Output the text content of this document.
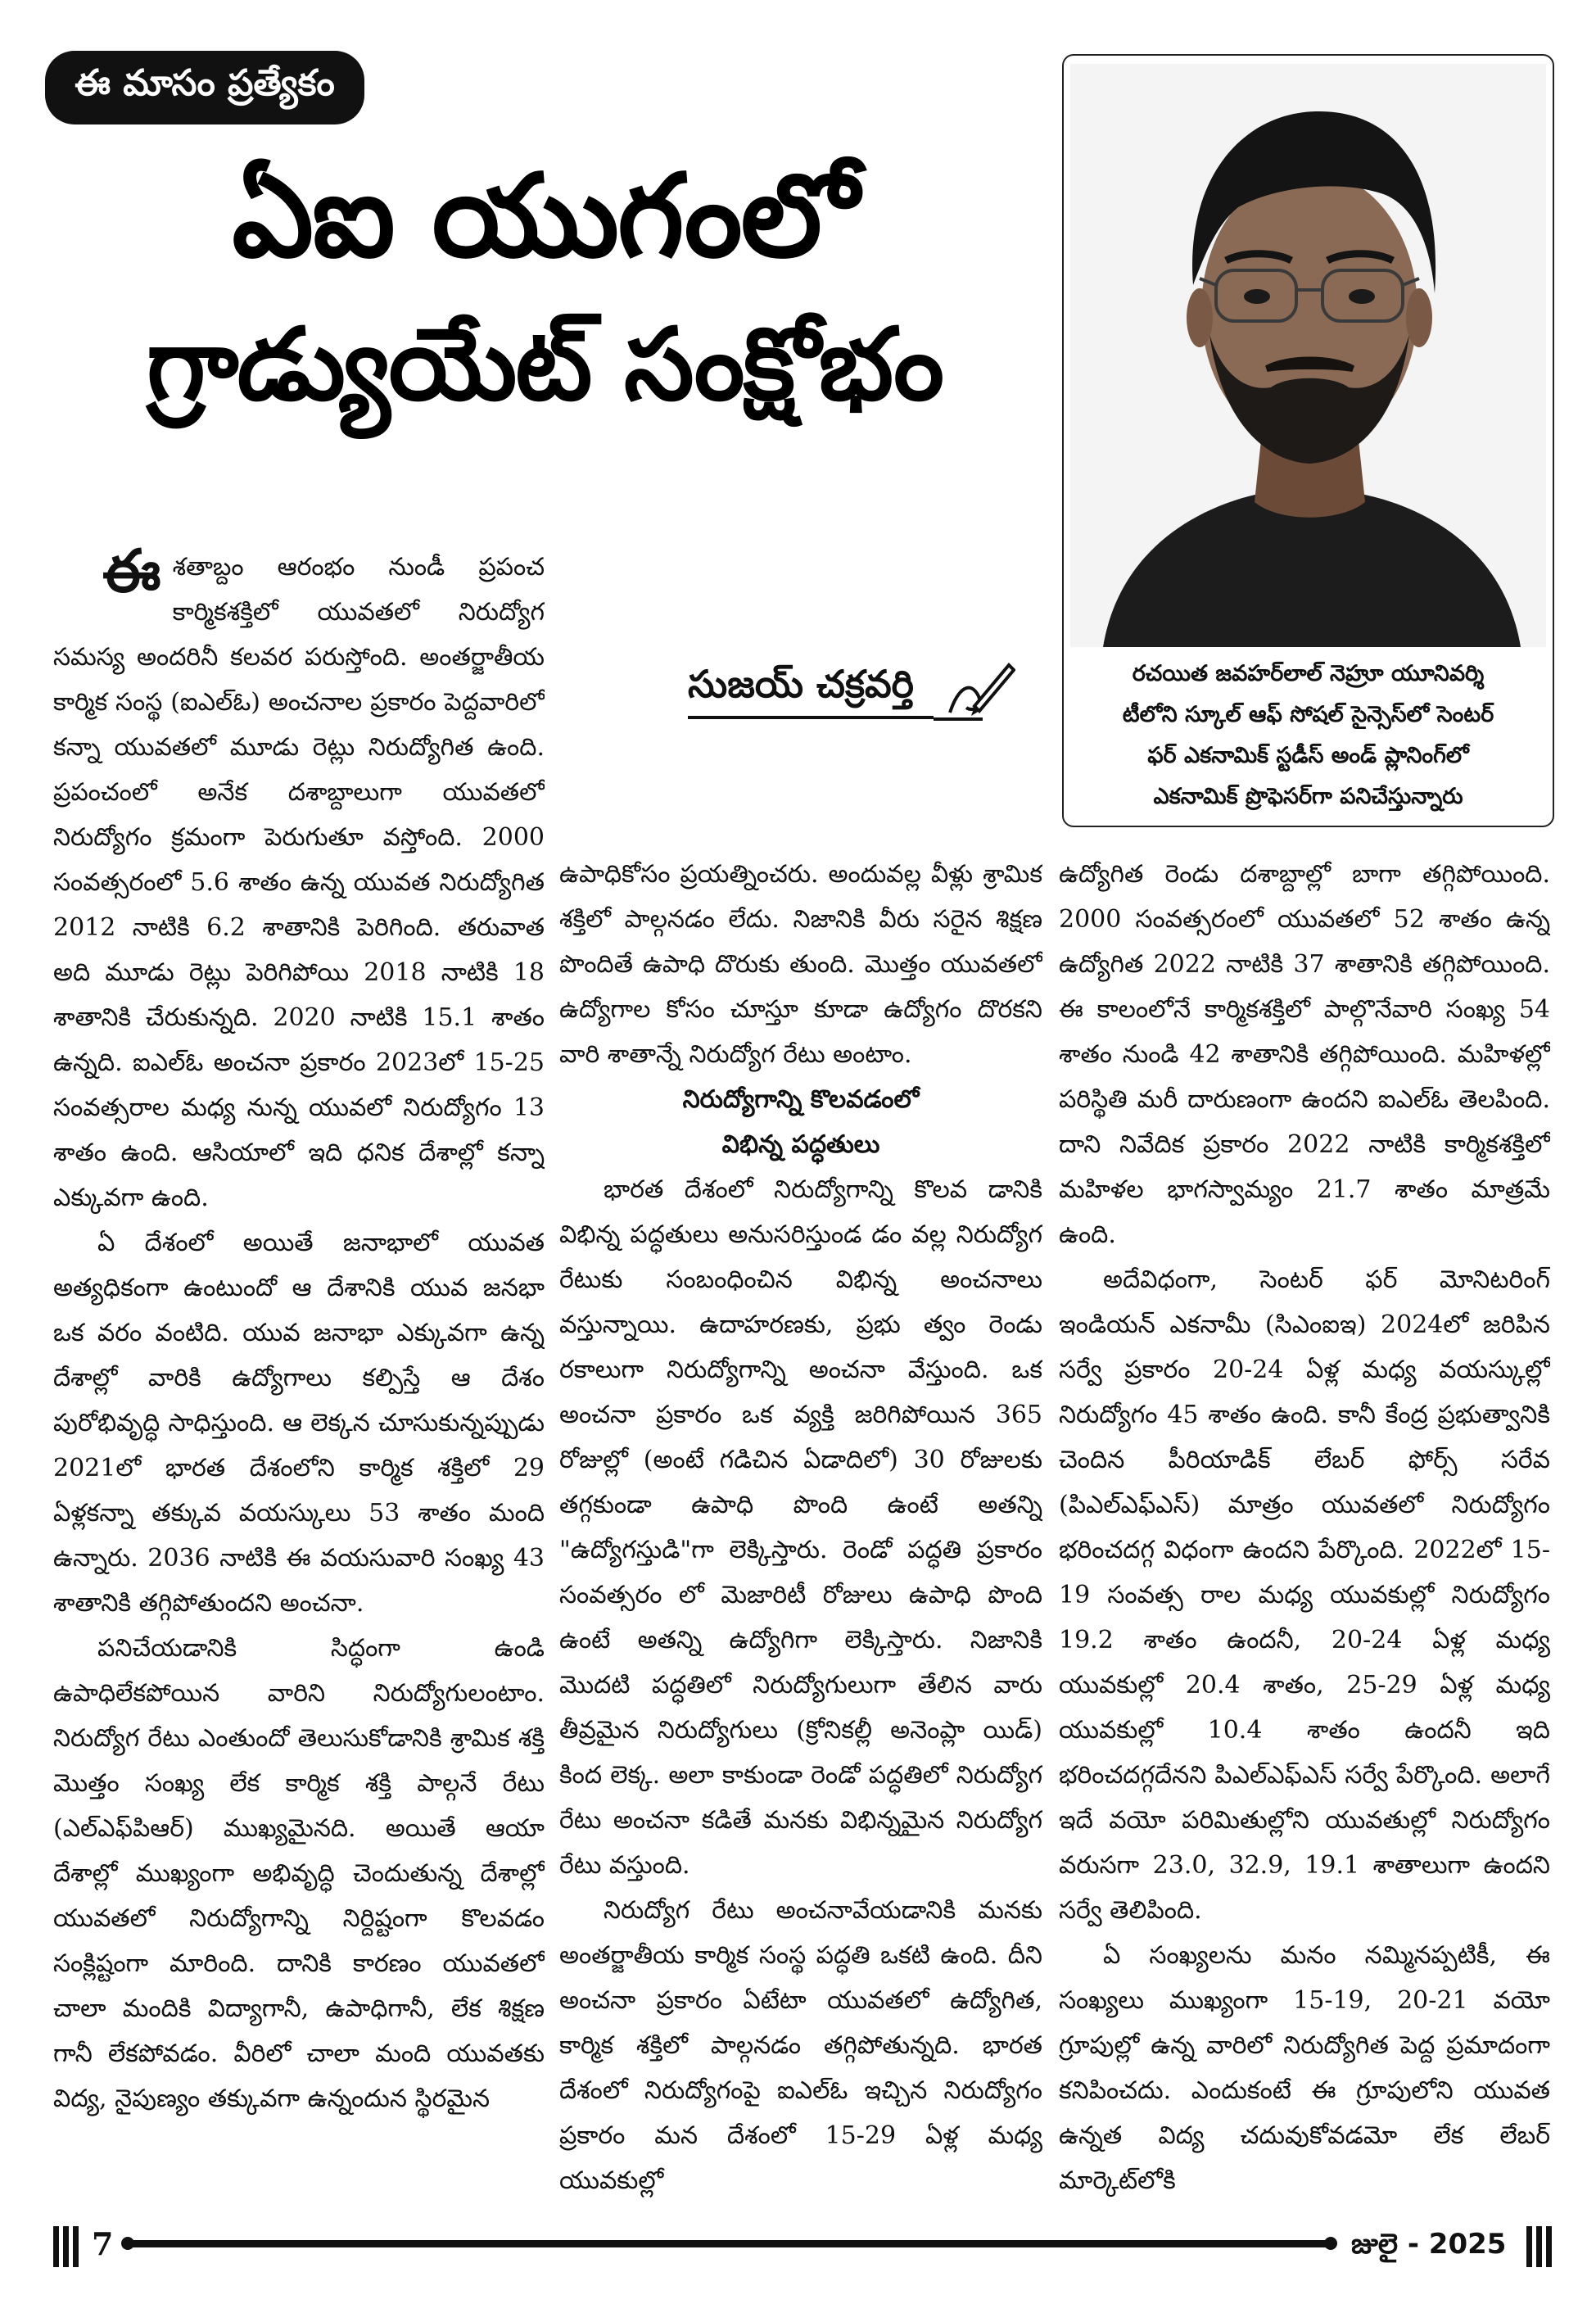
ఈ మాసం ప్రత్యేకం
ఏఐ యుగంలో
గ్రాడ్యుయేట్ సంక్షోభం
రచయిత జవహర్‌లాల్ నెహ్రూ యూనివర్శి
టీలోని స్కూల్ ఆఫ్ సోషల్ సైన్సెస్‌లో సెంటర్
ఫర్ ఎకనామిక్ స్టడీస్ అండ్ ప్లానింగ్‌లో
ఎకనామిక్ ప్రొఫెసర్‌గా పనిచేస్తున్నారు
సుజయ్ చక్రవర్తి

ఈశతాబ్దం ఆరంభం నుండీ ప్రపంచ కార్మికశక్తిలో యువతలో నిరుద్యోగ సమస్య అందరినీ కలవర పరుస్తోంది. అంతర్జాతీయ కార్మిక సంస్థ (ఐఎల్ఓ) అంచనాల ప్రకారం పెద్దవారిలో కన్నా యువతలో మూడు రెట్లు నిరుద్యోగిత ఉంది. ప్రపంచంలో అనేక దశాబ్దాలుగా యువతలో నిరుద్యోగం క్రమంగా పెరుగుతూ వస్తోంది. 2000 సంవత్సరంలో 5.6 శాతం ఉన్న యువత నిరుద్యోగిత 2012 నాటికి 6.2 శాతానికి పెరిగింది. తరువాత అది మూడు రెట్లు పెరిగిపోయి 2018 నాటికి 18 శాతానికి చేరుకున్నది. 2020 నాటికి 15.1 శాతం ఉన్నది. ఐఎల్ఓ అంచనా ప్రకారం 2023లో 15-25 సంవత్సరాల మధ్య నున్న యువలో నిరుద్యోగం 13 శాతం ఉంది. ఆసియాలో ఇది ధనిక దేశాల్లో కన్నా ఎక్కువగా ఉంది.

ఏ దేశంలో అయితే జనాభాలో యువత అత్యధికంగా ఉంటుందో ఆ దేశానికి యువ జనభా ఒక వరం వంటిది. యువ జనాభా ఎక్కువగా ఉన్న దేశాల్లో వారికి ఉద్యోగాలు కల్పిస్తే ఆ దేశం పురోభివృద్ధి సాధిస్తుంది. ఆ లెక్కన చూసుకున్నప్పుడు 2021లో భారత దేశంలోని కార్మిక శక్తిలో 29 ఏళ్లకన్నా తక్కువ వయస్కులు 53 శాతం మంది ఉన్నారు. 2036 నాటికి ఈ వయసువారి సంఖ్య 43 శాతానికి తగ్గిపోతుందని అంచనా.

పనిచేయడానికి సిద్ధంగా ఉండి ఉపాధిలేకపోయిన వారిని నిరుద్యోగులంటాం. నిరుద్యోగ రేటు ఎంతుందో తెలుసుకోడానికి శ్రామిక శక్తి మొత్తం సంఖ్య లేక కార్మిక శక్తి పాల్గనే రేటు (ఎల్ఎఫ్‌పిఆర్) ముఖ్యమైనది. అయితే ఆయా దేశాల్లో ముఖ్యంగా అభివృద్ధి చెందుతున్న దేశాల్లో యువతలో నిరుద్యోగాన్ని నిర్దిష్టంగా కొలవడం సంక్లిష్టంగా మారింది. దానికి కారణం యువతలో చాలా మందికి విద్యాగానీ, ఉపాధిగానీ, లేక శిక్షణ గానీ లేకపోవడం. వీరిలో చాలా మంది యువతకు విద్య, నైపుణ్యం తక్కువగా ఉన్నందున స్థిరమైన

ఉపాధికోసం ప్రయత్నించరు. అందువల్ల వీళ్లు శ్రామిక శక్తిలో పాల్గనడం లేదు. నిజానికి వీరు సరైన శిక్షణ పొందితే ఉపాధి దొరుకు తుంది. మొత్తం యువతలో ఉద్యోగాల కోసం చూస్తూ కూడా ఉద్యోగం దొరకని వారి శాతాన్నే నిరుద్యోగ రేటు అంటాం.

నిరుద్యోగాన్ని కొలవడంలో
విభిన్న పద్ధతులు

భారత దేశంలో నిరుద్యోగాన్ని కొలవ డానికి విభిన్న పద్ధతులు అనుసరిస్తుండ డం వల్ల నిరుద్యోగ రేటుకు సంబంధించిన విభిన్న అంచనాలు వస్తున్నాయి. ఉదాహరణకు, ప్రభు త్వం రెండు రకాలుగా నిరుద్యోగాన్ని అంచనా వేస్తుంది. ఒక అంచనా ప్రకారం ఒక వ్యక్తి జరిగిపోయిన 365 రోజుల్లో (అంటే గడిచిన ఏడాదిలో) 30 రోజులకు తగ్గకుండా ఉపాధి పొంది ఉంటే అతన్ని "ఉద్యోగస్తుడి"గా లెక్కిస్తారు. రెండో పద్ధతి ప్రకారం సంవత్సరం లో మెజారిటీ రోజులు ఉపాధి పొంది ఉంటే అతన్ని ఉద్యోగిగా లెక్కిస్తారు. నిజానికి మొదటి పద్ధతిలో నిరుద్యోగులుగా తేలిన వారు తీవ్రమైన నిరుద్యోగులు (క్రోనికల్లీ అనెంప్లా యిడ్) కింద లెక్క. అలా కాకుండా రెండో పద్ధతిలో నిరుద్యోగ రేటు అంచనా కడితే మనకు విభిన్నమైన నిరుద్యోగ రేటు వస్తుంది.

నిరుద్యోగ రేటు అంచనావేయడానికి మనకు అంతర్జాతీయ కార్మిక సంస్థ పద్ధతి ఒకటి ఉంది. దీని అంచనా ప్రకారం ఏటేటా యువతలో ఉద్యోగిత, కార్మిక శక్తిలో పాల్గనడం తగ్గిపోతున్నది. భారత దేశంలో నిరుద్యోగంపై ఐఎల్ఓ ఇచ్చిన నిరుద్యోగం ప్రకారం మన దేశంలో 15-29 ఏళ్ల మధ్య యువకుల్లో

ఉద్యోగిత రెండు దశాబ్దాల్లో బాగా తగ్గిపోయింది. 2000 సంవత్సరంలో యువతలో 52 శాతం ఉన్న ఉద్యోగిత 2022 నాటికి 37 శాతానికి తగ్గిపోయింది. ఈ కాలంలోనే కార్మికశక్తిలో పాల్గొనేవారి సంఖ్య 54 శాతం నుండి 42 శాతానికి తగ్గిపోయింది. మహిళల్లో పరిస్థితి మరీ దారుణంగా ఉందని ఐఎల్ఓ తెలపింది. దాని నివేదిక ప్రకారం 2022 నాటికి కార్మికశక్తిలో మహిళల భాగస్వామ్యం 21.7 శాతం మాత్రమే ఉంది.

అదేవిధంగా, సెంటర్ ఫర్ మోనిటరింగ్ ఇండియన్ ఎకనామీ (సిఎంఐఇ) 2024లో జరిపిన సర్వే ప్రకారం 20-24 ఏళ్ల మధ్య వయస్కుల్లో నిరుద్యోగం 45 శాతం ఉంది. కానీ కేంద్ర ప్రభుత్వానికి చెందిన పీరియాడిక్ లేబర్ ఫోర్స్ సరేవ (పిఎల్ఎఫ్ఎస్) మాత్రం యువతలో నిరుద్యోగం భరించదగ్గ విధంగా ఉందని పేర్కొంది. 2022లో 15-19 సంవత్స రాల మధ్య యువకుల్లో నిరుద్యోగం 19.2 శాతం ఉందనీ, 20-24 ఏళ్ల మధ్య యువకుల్లో 20.4 శాతం, 25-29 ఏళ్ల మధ్య యువకుల్లో 10.4 శాతం ఉందనీ ఇది భరించదగ్గదేనని పిఎల్ఎఫ్ఎస్ సర్వే పేర్కొంది. అలాగే ఇదే వయో పరిమితుల్లోని యువతుల్లో నిరుద్యోగం వరుసగా 23.0, 32.9, 19.1 శాతాలుగా ఉందని సర్వే తెలిపింది.

ఏ సంఖ్యలను మనం నమ్మినప్పటికీ, ఈ సంఖ్యలు ముఖ్యంగా 15-19, 20-21 వయో గ్రూపుల్లో ఉన్న వారిలో నిరుద్యోగిత పెద్ద ప్రమాదంగా కనిపించదు. ఎందుకంటే ఈ గ్రూపులోని యువత ఉన్నత విద్య చదువుకోవడమో లేక లేబర్ మార్కెట్‌లోకి

7	జులై - 2025
